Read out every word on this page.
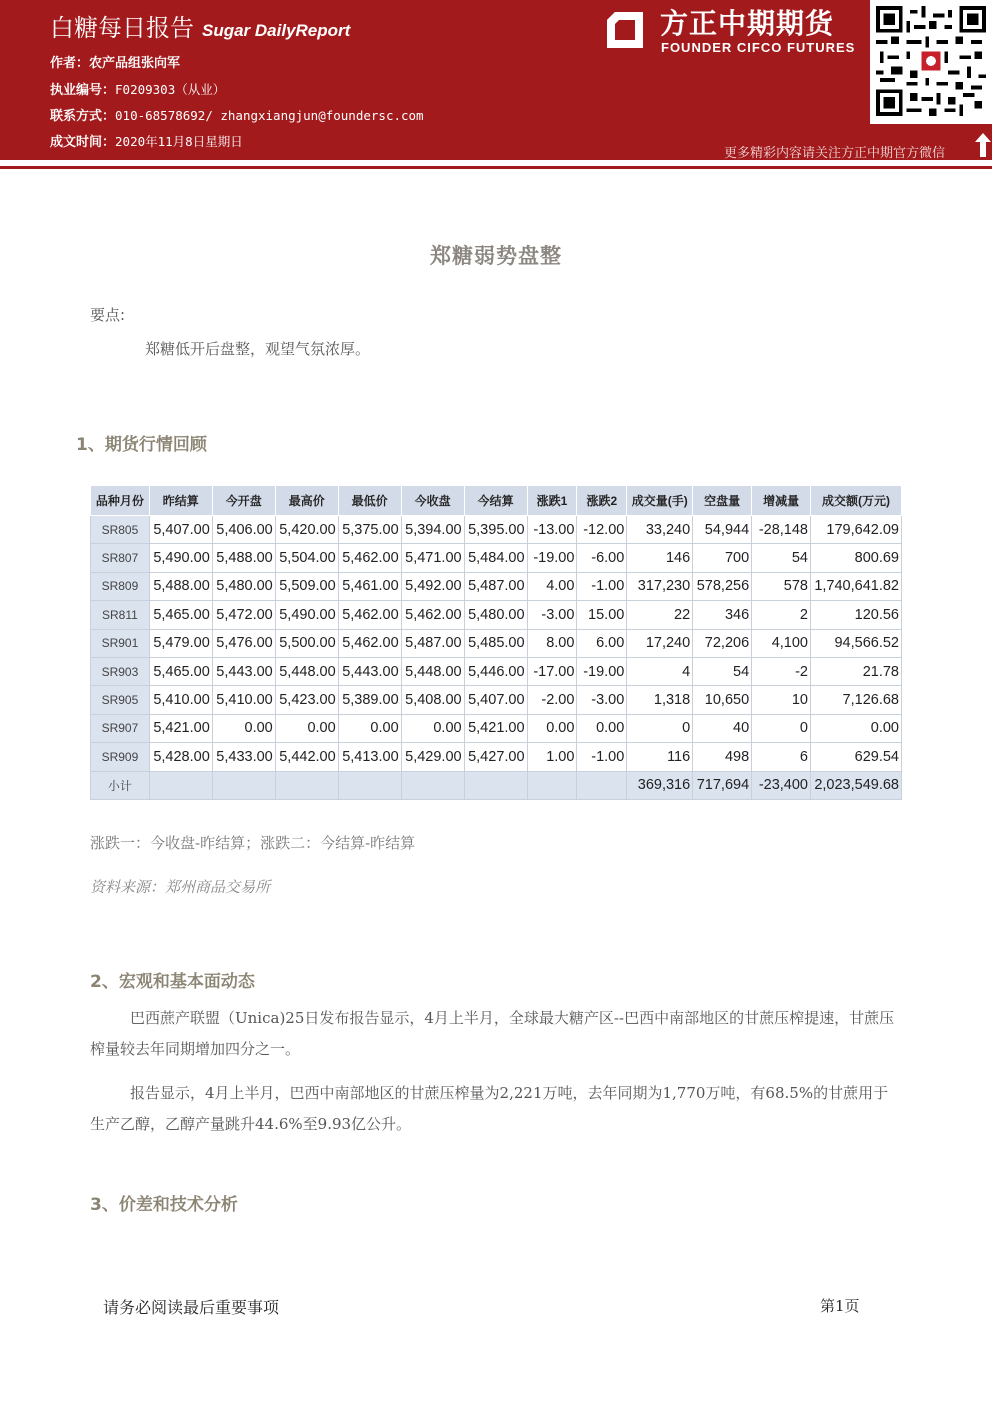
白糖每日报告 Sugar DailyReport
作者：农产品组张向军
执业编号：F0209303（从业）
联系方式：010-68578692/ zhangxiangjun@foundersc.com
成文时间：2020年11月8日星期日
方正中期期货
FOUNDER CIFCO FUTURES
更多精彩内容请关注方正中期官方微信
郑糖弱势盘整
要点:
郑糖低开后盘整，观望气氛浓厚。
1、期货行情回顾
品种月份	昨结算	今开盘	最高价	最低价	今收盘	今结算	涨跌1	涨跌2	成交量(手)	空盘量	增减量	成交额(万元)
SR805	5,407.00	5,406.00	5,420.00	5,375.00	5,394.00	5,395.00	-13.00	-12.00	33,240	54,944	-28,148	179,642.09
SR807	5,490.00	5,488.00	5,504.00	5,462.00	5,471.00	5,484.00	-19.00	-6.00	146	700	54	800.69
SR809	5,488.00	5,480.00	5,509.00	5,461.00	5,492.00	5,487.00	4.00	-1.00	317,230	578,256	578	1,740,641.82
SR811	5,465.00	5,472.00	5,490.00	5,462.00	5,462.00	5,480.00	-3.00	15.00	22	346	2	120.56
SR901	5,479.00	5,476.00	5,500.00	5,462.00	5,487.00	5,485.00	8.00	6.00	17,240	72,206	4,100	94,566.52
SR903	5,465.00	5,443.00	5,448.00	5,443.00	5,448.00	5,446.00	-17.00	-19.00	4	54	-2	21.78
SR905	5,410.00	5,410.00	5,423.00	5,389.00	5,408.00	5,407.00	-2.00	-3.00	1,318	10,650	10	7,126.68
SR907	5,421.00	0.00	0.00	0.00	0.00	5,421.00	0.00	0.00	0	40	0	0.00
SR909	5,428.00	5,433.00	5,442.00	5,413.00	5,429.00	5,427.00	1.00	-1.00	116	498	6	629.54
小计									369,316	717,694	-23,400	2,023,549.68
涨跌一：今收盘-昨结算；涨跌二：今结算-昨结算
资料来源：郑州商品交易所
2、宏观和基本面动态
巴西蔗产联盟（Unica)25日发布报告显示，4月上半月，全球最大糖产区--巴西中南部地区的甘蔗压榨提速，甘蔗压榨量较去年同期增加四分之一。
报告显示，4月上半月，巴西中南部地区的甘蔗压榨量为2,221万吨，去年同期为1,770万吨，有68.5%的甘蔗用于生产乙醇，乙醇产量跳升44.6%至9.93亿公升。
3、价差和技术分析
请务必阅读最后重要事项	第1页
